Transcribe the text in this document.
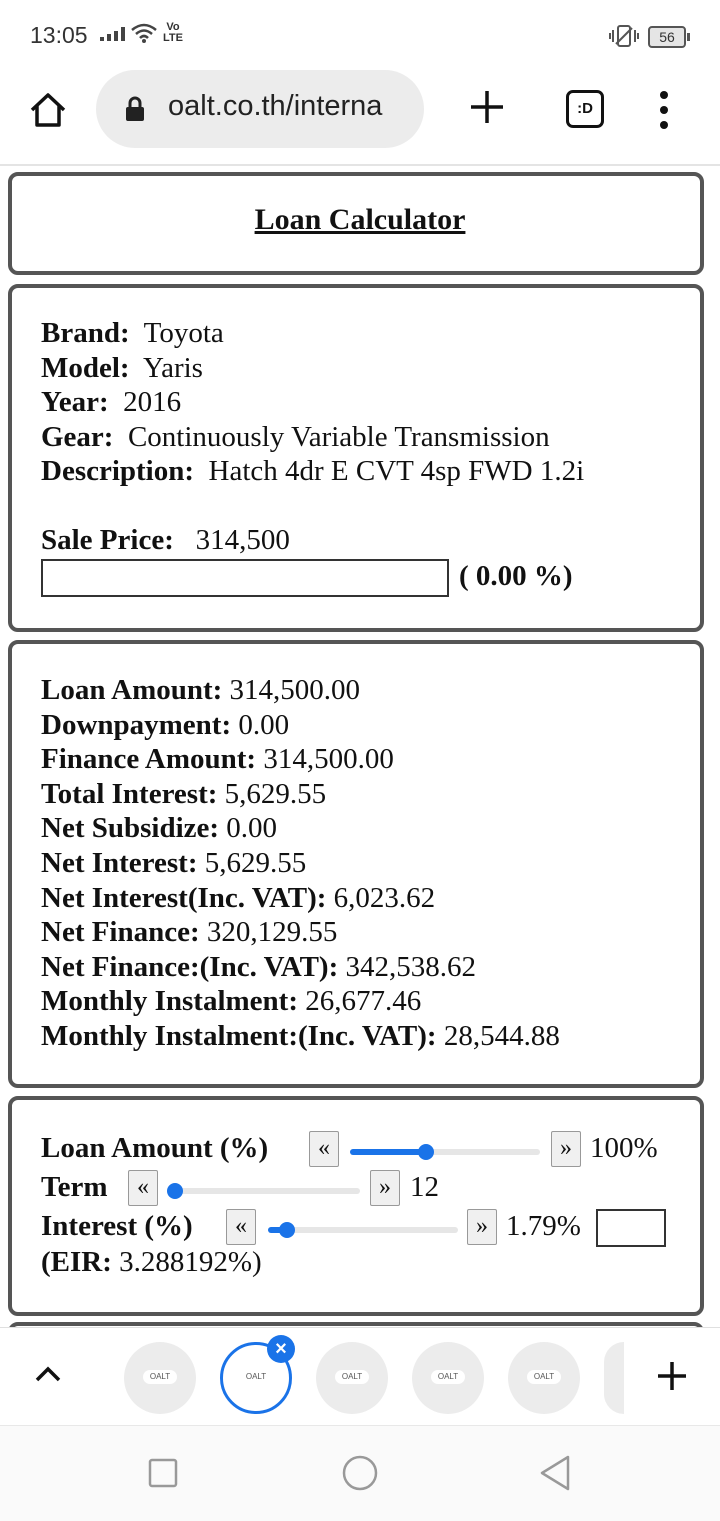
13:05	Vo LTE	56
oalt.co.th/interna	:D
Loan Calculator
Brand: Toyota
Model: Yaris
Year: 2016
Gear: Continuously Variable Transmission
Description: Hatch 4dr E CVT 4sp FWD 1.2i
Sale Price: 314,500
( 0.00 %)
Loan Amount: 314,500.00
Downpayment: 0.00
Finance Amount: 314,500.00
Total Interest: 5,629.55
Net Subsidize: 0.00
Net Interest: 5,629.55
Net Interest(Inc. VAT): 6,023.62
Net Finance: 320,129.55
Net Finance:(Inc. VAT): 342,538.62
Monthly Instalment: 26,677.46
Monthly Instalment:(Inc. VAT): 28,544.88
Loan Amount (%)	«	» 100%
Term	«	» 12
Interest (%)	«	» 1.79%
(EIR: 3.288192%)
OALT	OALT
×
OALT	OALT	OALT
